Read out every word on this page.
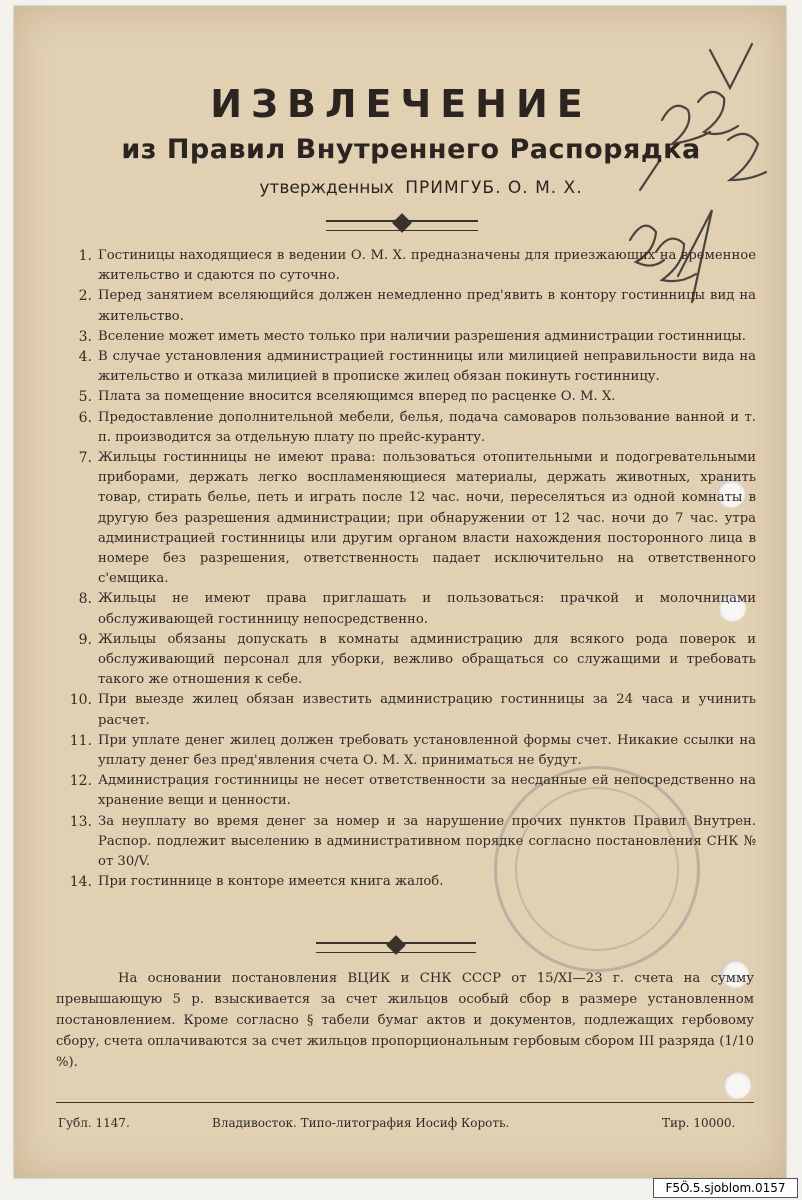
ИЗВЛЕЧЕНИЕ
из Правил Внутреннего Распорядка
утвержденных ПРИМГУБ. О. М. Х.
1. Гостиницы находящиеся в ведении О. М. Х. предназначены для приезжающих на временное жительство и сдаются по суточно.
2. Перед занятием вселяющийся должен немедленно пред'явить в контору гостинницы вид на жительство.
3. Вселение может иметь место только при наличии разрешения администрации гостинницы.
4. В случае установления администрацией гостинницы или милицией неправильности вида на жительство и отказа милицией в прописке жилец обязан покинуть гостинницу.
5. Плата за помещение вносится вселяющимся вперед по расценке О. М. Х.
6. Предоставление дополнительной мебели, белья, подача самоваров пользование ванной и т. п. производится за отдельную плату по прейс-куранту.
7. Жильцы гостинницы не имеют права: пользоваться отопительными и подогревательными приборами, держать легко воспламеняющиеся материалы, держать животных, хранить товар, стирать белье, петь и играть после 12 час. ночи, переселяться из одной комнаты в другую без разрешения администрации; при обнаружении от 12 час. ночи до 7 час. утра администрацией гостинницы или другим органом власти нахождения посторонного лица в номере без разрешения, ответственность падает исключительно на ответственного с'емщика.
8. Жильцы не имеют права приглашать и пользоваться: прачкой и молочницами обслуживающей гостинницу непосредственно.
9. Жильцы обязаны допускать в комнаты администрацию для всякого рода поверок и обслуживающий персонал для уборки, вежливо обращаться со служащими и требовать такого же отношения к себе.
10. При выезде жилец обязан известить администрацию гостинницы за 24 часа и учинить расчет.
11. При уплате денег жилец должен требовать установленной формы счет. Никакие ссылки на уплату денег без пред'явления счета О. М. Х. приниматься не будут.
12. Администрация гостинницы не несет ответственности за несданные ей непосредственно на хранение вещи и ценности.
13. За неуплату во время денег за номер и за нарушение прочих пунктов Правил Внутрен. Распор. подлежит выселению в административном порядке согласно постановления СНК № от 30/V.
14. При гостиннице в конторе имеется книга жалоб.
На основании постановления ВЦИК и СНК СССР от 15/XI—23 г. счета на сумму превышающую 5 р. взыскивается за счет жильцов особый сбор в размере установленном постановлением. Кроме согласно § табели бумаг актов и документов, подлежащих гербовому сбору, счета оплачиваются за счет жильцов пропорциональным гербовым сбором III разряда (1/10 %).
Губл. 1147.	Владивосток. Типо-литография Иосиф Короть.	Тир. 10000.
F5Ö.5.sjoblom.0157
